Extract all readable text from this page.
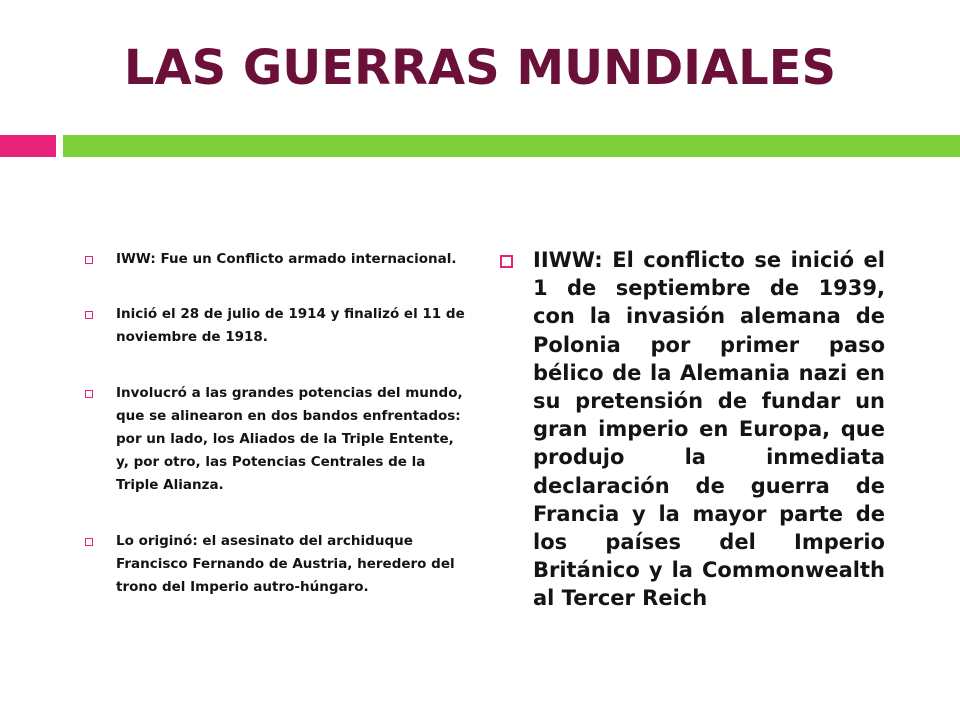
LAS GUERRAS MUNDIALES
IWW: Fue un Conflicto armado internacional.
Inició el 28 de julio de 1914 y finalizó el 11 de noviembre de 1918.
Involucró a las grandes potencias del mundo, que se alinearon en dos bandos enfrentados: por un lado, los Aliados de la Triple Entente, y, por otro, las Potencias Centrales de la Triple Alianza.
Lo originó: el asesinato del archiduque Francisco Fernando de Austria, heredero del trono del Imperio autro-húngaro.
IIWW: El conflicto se inició el 1 de septiembre de 1939, con la invasión alemana de Polonia por primer paso bélico de la Alemania nazi en su pretensión de fundar un gran imperio en Europa, que produjo la inmediata declaración de guerra de Francia y la mayor parte de los países del Imperio Británico y la Commonwealth al Tercer Reich
